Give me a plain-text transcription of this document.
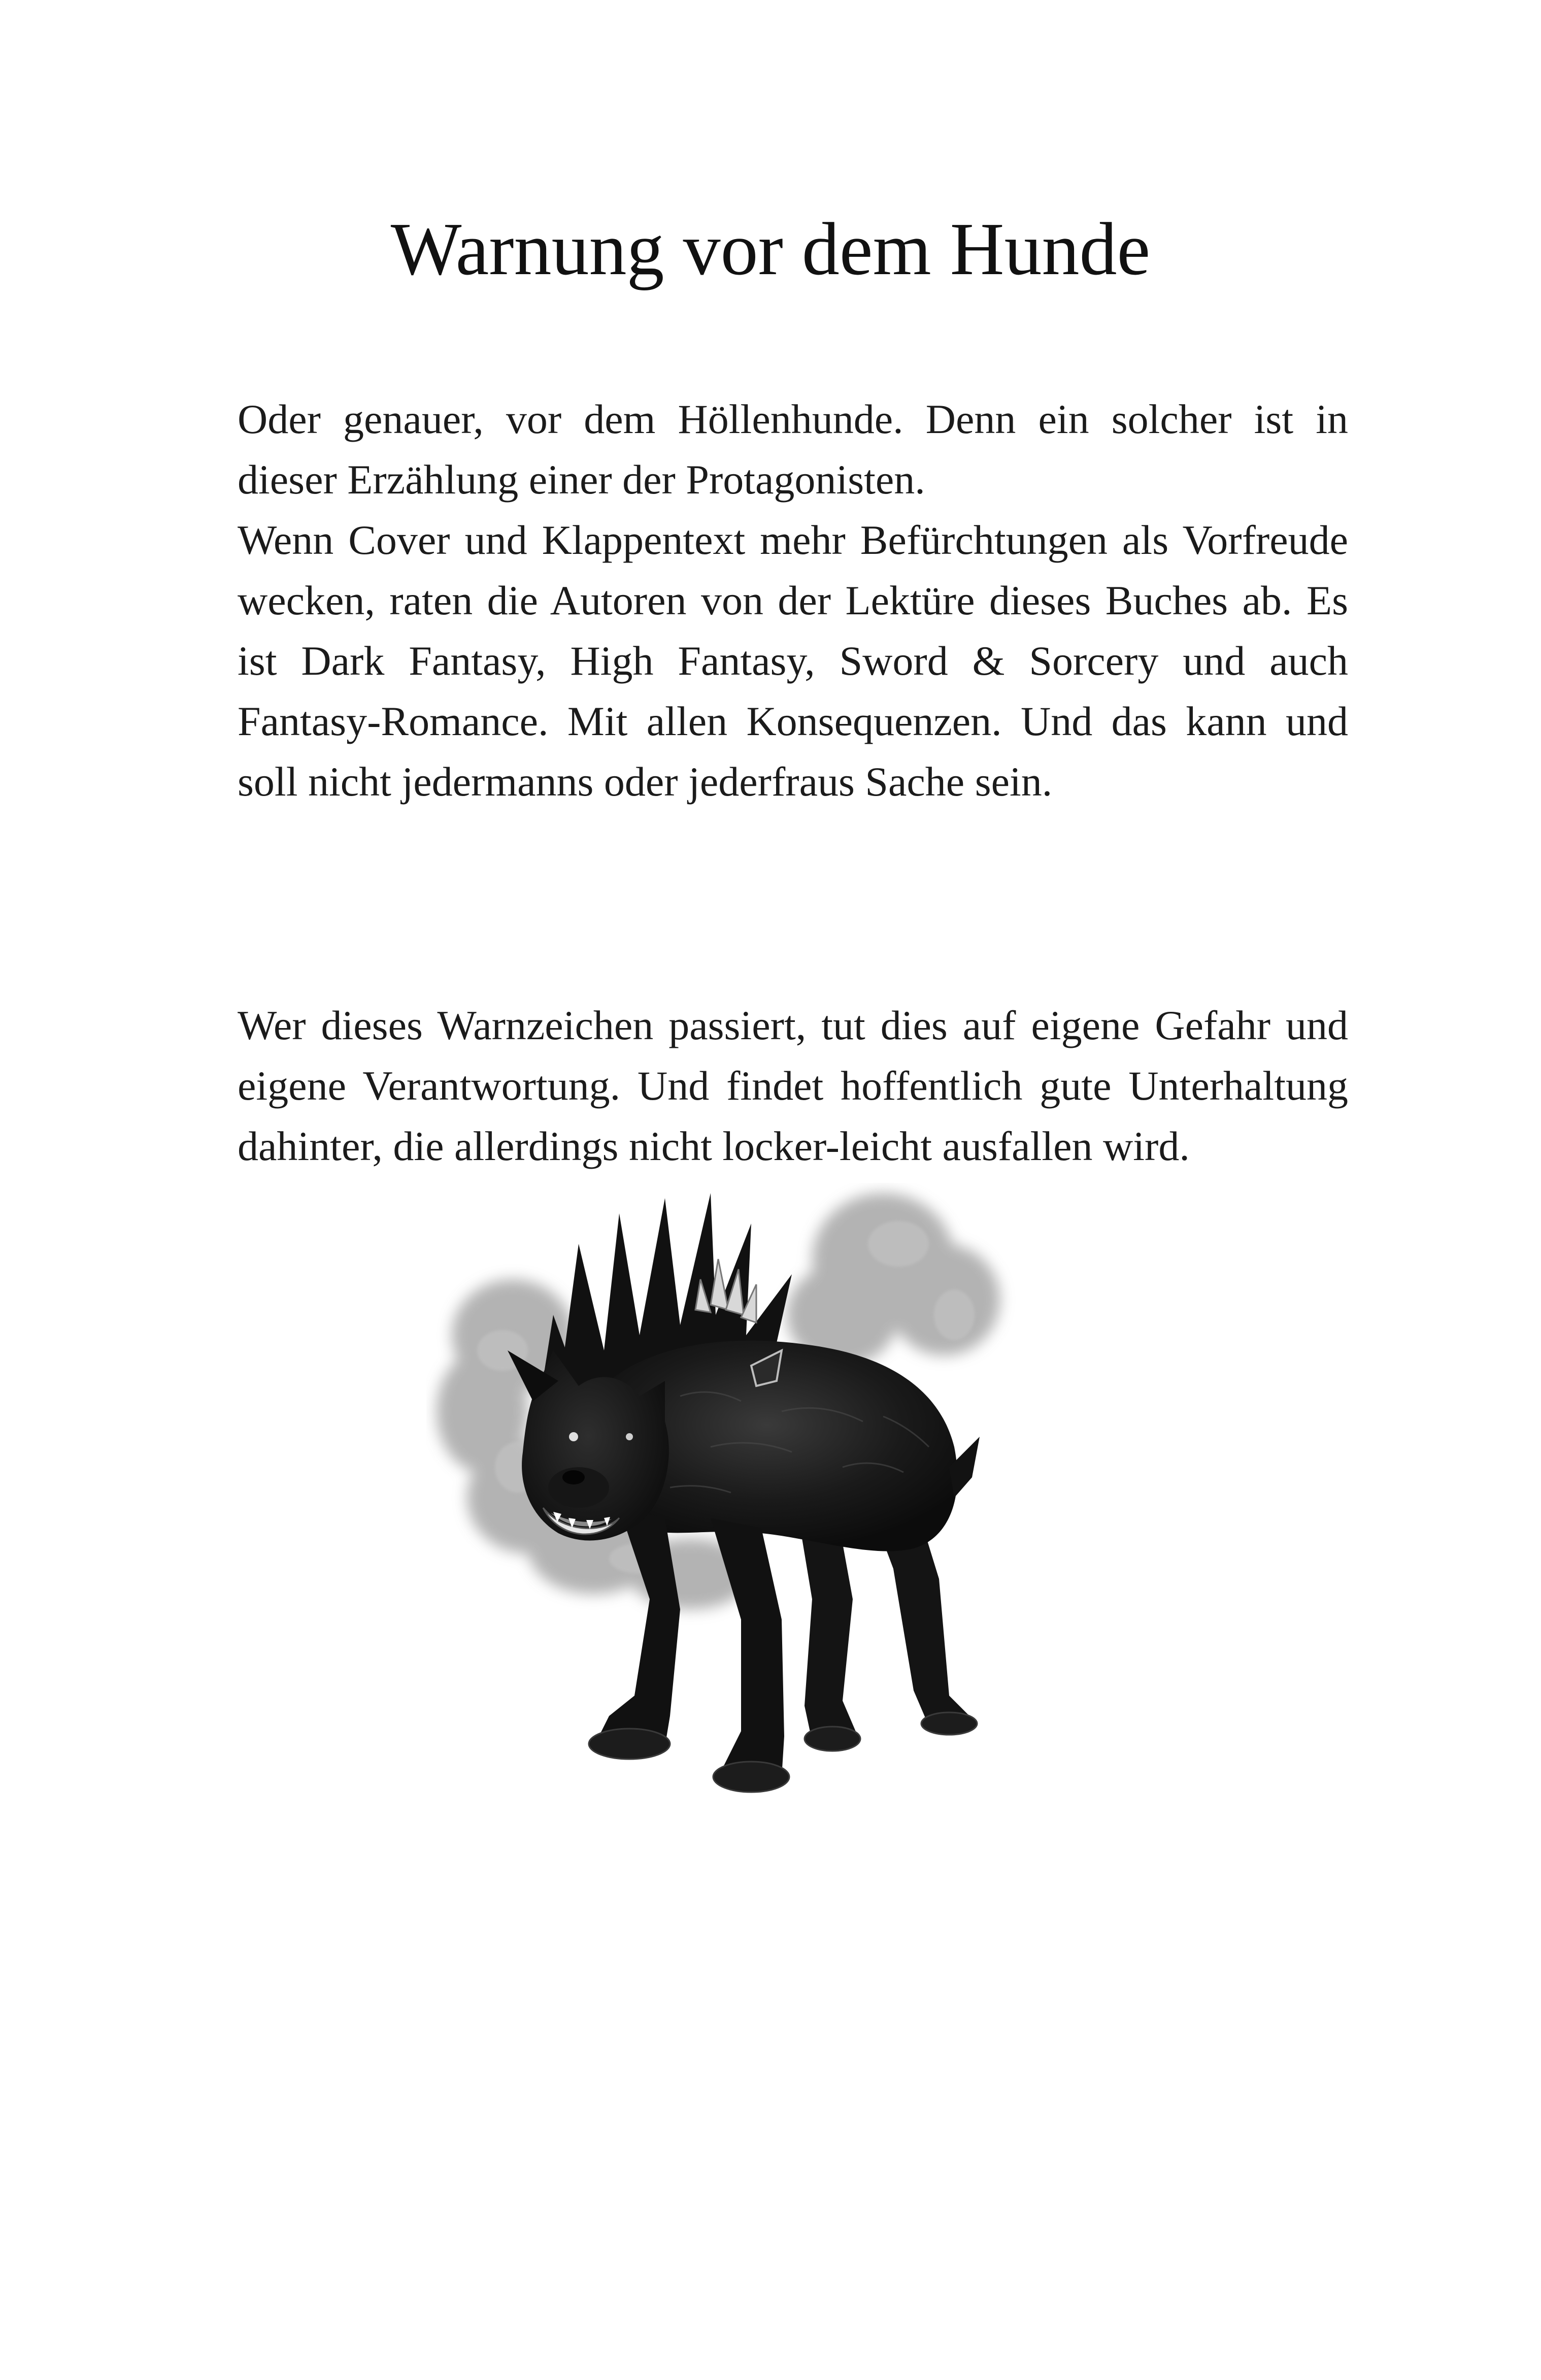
Warnung vor dem Hunde

Oder genauer, vor dem Höllenhunde. Denn ein solcher ist in dieser Erzählung einer der Protagonisten.

Wenn Cover und Klappentext mehr Befürchtungen als Vorfreude wecken, raten die Autoren von der Lektüre dieses Buches ab. Es ist Dark Fantasy, High Fantasy, Sword & Sorcery und auch Fantasy-Romance. Mit allen Konsequenzen. Und das kann und soll nicht jedermanns oder jederfraus Sache sein.

Wer dieses Warnzeichen passiert, tut dies auf eigene Gefahr und eigene Verantwortung. Und findet hoffentlich gute Unterhaltung dahinter, die allerdings nicht locker-leicht ausfallen wird.
